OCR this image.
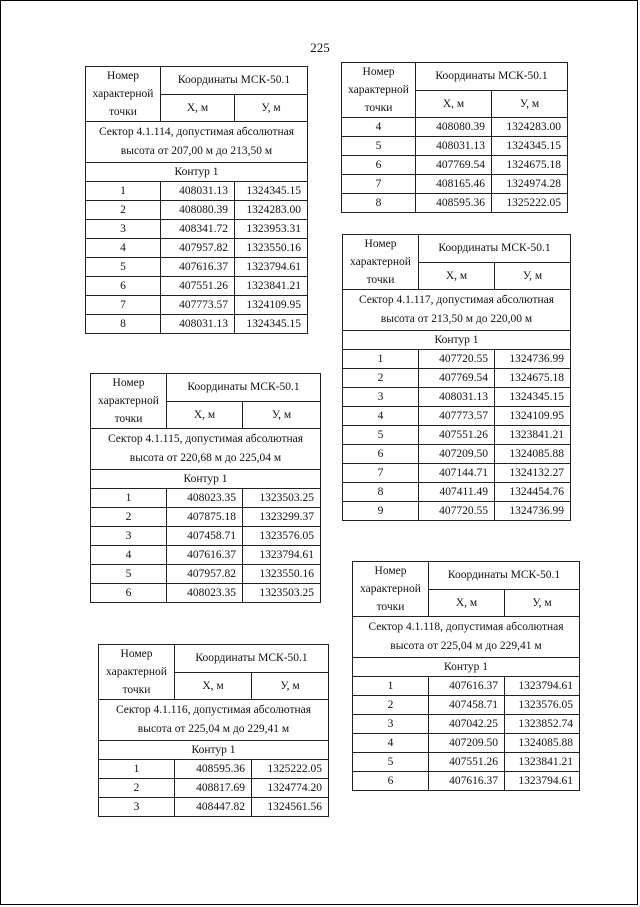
225
Номер характерной точки	Координаты МСК-50.1	
	X, м	У, м
Сектор 4.1.114, допустимая абсолютная высота от 207,00 м до 213,50 м		
Контур 1		
1	408031.13	1324345.15
2	408080.39	1324283.00
3	408341.72	1323953.31
4	407957.82	1323550.16
5	407616.37	1323794.61
6	407551.26	1323841.21
7	407773.57	1324109.95
8	408031.13	1324345.15
Номер характерной точки	Координаты МСК-50.1	
	X, м	У, м
4	408080.39	1324283.00
5	408031.13	1324345.15
6	407769.54	1324675.18
7	408165.46	1324974.28
8	408595.36	1325222.05
Номер характерной точки	Координаты МСК-50.1	
	X, м	У, м
Сектор 4.1.117, допустимая абсолютная высота от 213,50 м до 220,00 м		
Контур 1		
1	407720.55	1324736.99
2	407769.54	1324675.18
3	408031.13	1324345.15
4	407773.57	1324109.95
5	407551.26	1323841.21
6	407209.50	1324085.88
7	407144.71	1324132.27
8	407411.49	1324454.76
9	407720.55	1324736.99
Номер характерной точки	Координаты МСК-50.1	
	X, м	У, м
Сектор 4.1.115, допустимая абсолютная высота от 220,68 м до 225,04 м		
Контур 1		
1	408023.35	1323503.25
2	407875.18	1323299.37
3	407458.71	1323576.05
4	407616.37	1323794.61
5	407957.82	1323550.16
6	408023.35	1323503.25
Номер характерной точки	Координаты МСК-50.1	
	X, м	У, м
Сектор 4.1.118, допустимая абсолютная высота от 225,04 м до 229,41 м		
Контур 1		
1	407616.37	1323794.61
2	407458.71	1323576.05
3	407042.25	1323852.74
4	407209.50	1324085.88
5	407551.26	1323841.21
6	407616.37	1323794.61
Номер характерной точки	Координаты МСК-50.1	
	X, м	У, м
Сектор 4.1.116, допустимая абсолютная высота от 225,04 м до 229,41 м		
Контур 1		
1	408595.36	1325222.05
2	408817.69	1324774.20
3	408447.82	1324561.56
